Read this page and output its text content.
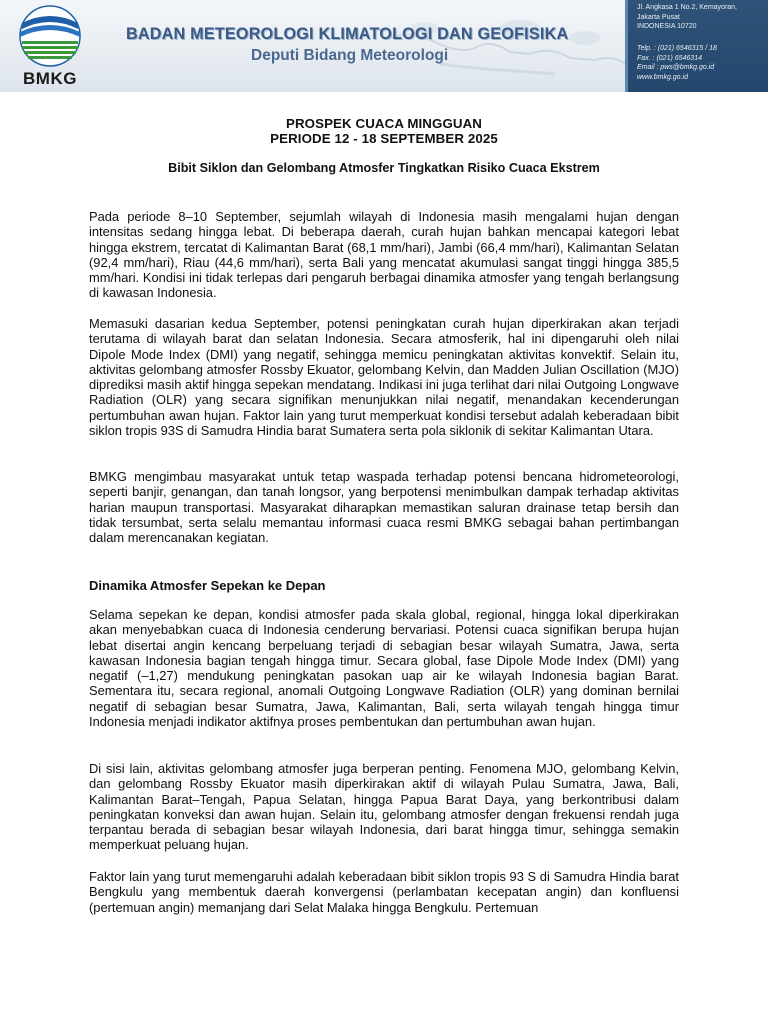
BMKG
BADAN METEOROLOGI KLIMATOLOGI DAN GEOFISIKA
Deputi Bidang Meteorologi
Jl. Angkasa 1 No.2, Kemayoran,
Jakarta Pusat
INDONESIA 10720
Telp. : (021) 6546315 / 18
Fax. : (021) 6546314
Email : pws@bmkg.go.id
www.bmkg.go.id
PROSPEK CUACA MINGGUAN
PERIODE 12 - 18 SEPTEMBER 2025
Bibit Siklon dan Gelombang Atmosfer Tingkatkan Risiko Cuaca Ekstrem

Pada periode 8–10 September, sejumlah wilayah di Indonesia masih mengalami hujan dengan intensitas sedang hingga lebat. Di beberapa daerah, curah hujan bahkan mencapai kategori lebat hingga ekstrem, tercatat di Kalimantan Barat (68,1 mm/hari), Jambi (66,4 mm/hari), Kalimantan Selatan (92,4 mm/hari), Riau (44,6 mm/hari), serta Bali yang mencatat akumulasi sangat tinggi hingga 385,5 mm/hari. Kondisi ini tidak terlepas dari pengaruh berbagai dinamika atmosfer yang tengah berlangsung di kawasan Indonesia.

Memasuki dasarian kedua September, potensi peningkatan curah hujan diperkirakan akan terjadi terutama di wilayah barat dan selatan Indonesia. Secara atmosferik, hal ini dipengaruhi oleh nilai Dipole Mode Index (DMI) yang negatif, sehingga memicu peningkatan aktivitas konvektif. Selain itu, aktivitas gelombang atmosfer Rossby Ekuator, gelombang Kelvin, dan Madden Julian Oscillation (MJO) diprediksi masih aktif hingga sepekan mendatang. Indikasi ini juga terlihat dari nilai Outgoing Longwave Radiation (OLR) yang secara signifikan menunjukkan nilai negatif, menandakan kecenderungan pertumbuhan awan hujan. Faktor lain yang turut memperkuat kondisi tersebut adalah keberadaan bibit siklon tropis 93S di Samudra Hindia barat Sumatera serta pola siklonik di sekitar Kalimantan Utara.

BMKG mengimbau masyarakat untuk tetap waspada terhadap potensi bencana hidrometeorologi, seperti banjir, genangan, dan tanah longsor, yang berpotensi menimbulkan dampak terhadap aktivitas harian maupun transportasi. Masyarakat diharapkan memastikan saluran drainase tetap bersih dan tidak tersumbat, serta selalu memantau informasi cuaca resmi BMKG sebagai bahan pertimbangan dalam merencanakan kegiatan.

Dinamika Atmosfer Sepekan ke Depan

Selama sepekan ke depan, kondisi atmosfer pada skala global, regional, hingga lokal diperkirakan akan menyebabkan cuaca di Indonesia cenderung bervariasi. Potensi cuaca signifikan berupa hujan lebat disertai angin kencang berpeluang terjadi di sebagian besar wilayah Sumatra, Jawa, serta kawasan Indonesia bagian tengah hingga timur. Secara global, fase Dipole Mode Index (DMI) yang negatif (–1,27) mendukung peningkatan pasokan uap air ke wilayah Indonesia bagian Barat. Sementara itu, secara regional, anomali Outgoing Longwave Radiation (OLR) yang dominan bernilai negatif di sebagian besar Sumatra, Jawa, Kalimantan, Bali, serta wilayah tengah hingga timur Indonesia menjadi indikator aktifnya proses pembentukan dan pertumbuhan awan hujan.

Di sisi lain, aktivitas gelombang atmosfer juga berperan penting. Fenomena MJO, gelombang Kelvin, dan gelombang Rossby Ekuator masih diperkirakan aktif di wilayah Pulau Sumatra, Jawa, Bali, Kalimantan Barat–Tengah, Papua Selatan, hingga Papua Barat Daya, yang berkontribusi dalam peningkatan konveksi dan awan hujan. Selain itu, gelombang atmosfer dengan frekuensi rendah juga terpantau berada di sebagian besar wilayah Indonesia, dari barat hingga timur, sehingga semakin memperkuat peluang hujan.

Faktor lain yang turut memengaruhi adalah keberadaan bibit siklon tropis 93 S di Samudra Hindia barat Bengkulu yang membentuk daerah konvergensi (perlambatan kecepatan angin) dan konfluensi (pertemuan angin) memanjang dari Selat Malaka hingga Bengkulu. Pertemuan
